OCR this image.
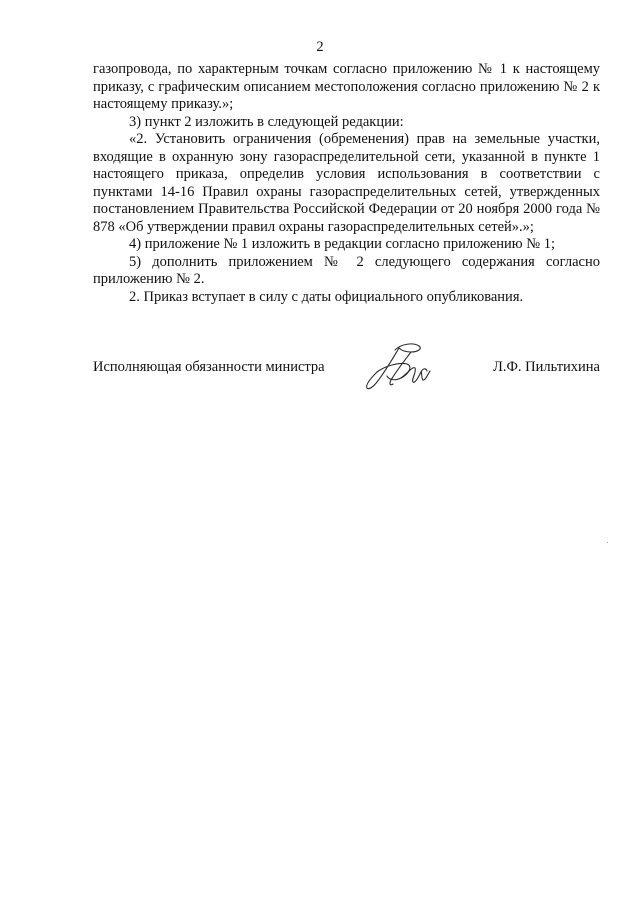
2

газопровода, по характерным точкам согласно приложению № 1 к настоящему приказу, с графическим описанием местоположения согласно приложению № 2 к настоящему приказу.»;

3) пункт 2 изложить в следующей редакции:

«2. Установить ограничения (обременения) прав на земельные участки, входящие в охранную зону газораспределительной сети, указанной в пункте 1 настоящего приказа, определив условия использования в соответствии с пунктами 14-16 Правил охраны газораспределительных сетей, утвержденных постановлением Правительства Российской Федерации от 20 ноября 2000 года № 878 «Об утверждении правил охраны газораспределительных сетей».»;

4) приложение № 1 изложить в редакции согласно приложению № 1;

5) дополнить приложением № 2 следующего содержания согласно приложению № 2.

2. Приказ вступает в силу с даты официального опубликования.

Исполняющая обязанности министра	Л.Ф. Пильтихина
